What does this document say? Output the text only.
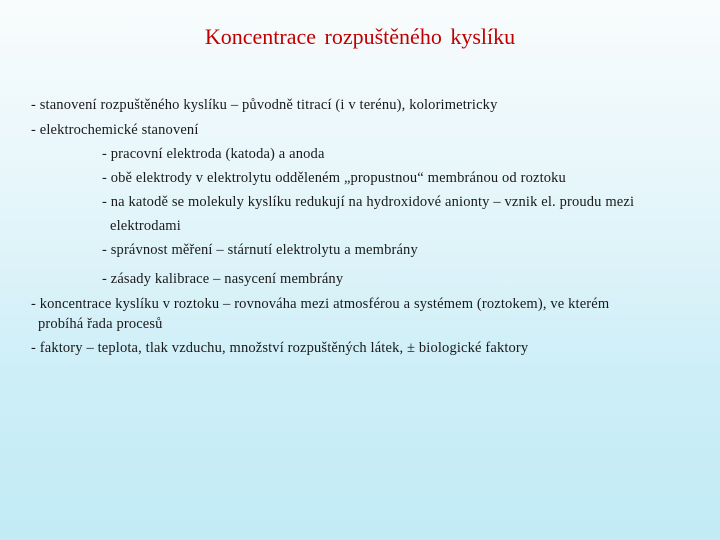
Koncentrace rozpuštěného kyslíku
- stanovení rozpuštěného kyslíku – původně titrací (i v terénu), kolorimetricky
- elektrochemické stanovení
- pracovní elektroda (katoda) a anoda
- obě elektrody v elektrolytu odděleném „propustnou“ membránou od roztoku
- na katodě se molekuly kyslíku redukují na hydroxidové anionty – vznik el. proudu mezi
elektrodami
- správnost měření – stárnutí elektrolytu a membrány
- zásady kalibrace – nasycení membrány
- koncentrace kyslíku v roztoku – rovnováha mezi atmosférou a systémem (roztokem), ve kterém
probíhá řada procesů
- faktory – teplota, tlak vzduchu, množství rozpuštěných látek, ± biologické faktory
